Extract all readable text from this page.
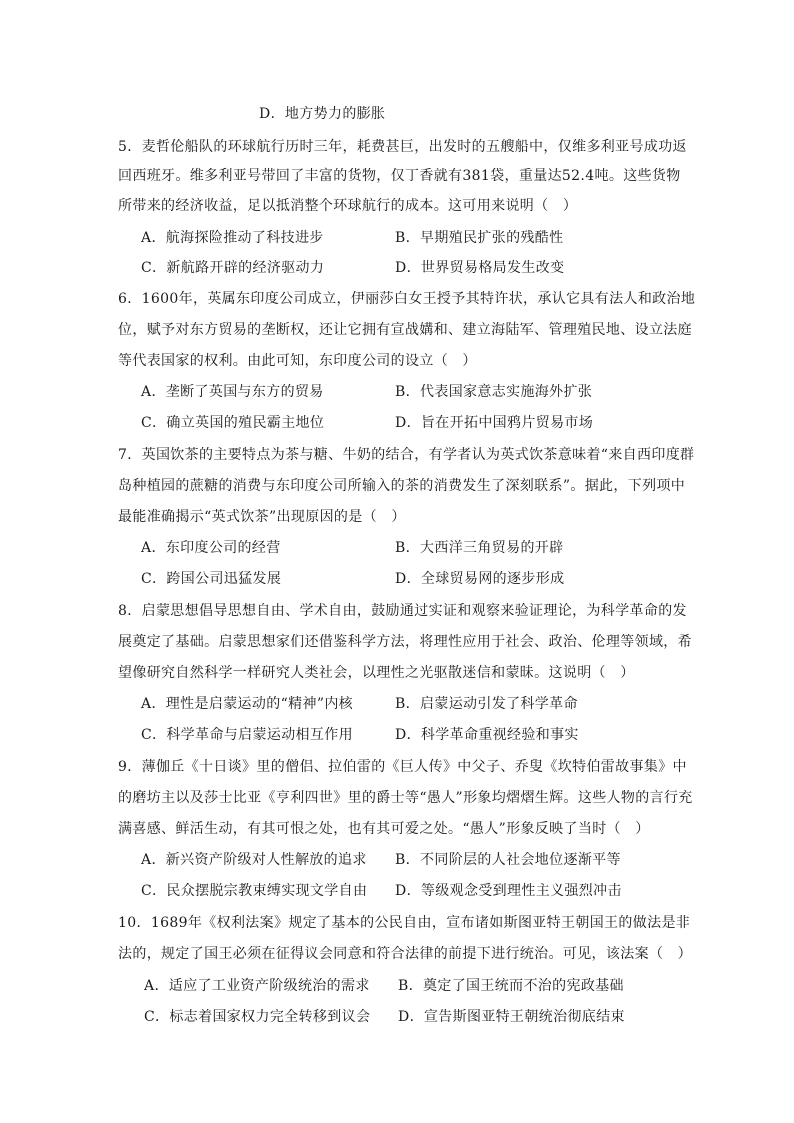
D．地方势力的膨胀
5．麦哲伦船队的环球航行历时三年，耗费甚巨，出发时的五艘船中，仅维多利亚号成功返
回西班牙。维多利亚号带回了丰富的货物，仅丁香就有381袋，重量达52.4吨。这些货物
所带来的经济收益，足以抵消整个环球航行的成本。这可用来说明（　）
A．航海探险推动了科技进步	B．早期殖民扩张的残酷性
C．新航路开辟的经济驱动力	D．世界贸易格局发生改变
6．1600年，英属东印度公司成立，伊丽莎白女王授予其特许状，承认它具有法人和政治地
位，赋予对东方贸易的垄断权，还让它拥有宣战媾和、建立海陆军、管理殖民地、设立法庭
等代表国家的权利。由此可知，东印度公司的设立（　）
A．垄断了英国与东方的贸易	B．代表国家意志实施海外扩张
C．确立英国的殖民霸主地位	D．旨在开拓中国鸦片贸易市场
7．英国饮茶的主要特点为茶与糖、牛奶的结合，有学者认为英式饮茶意味着“来自西印度群
岛种植园的蔗糖的消费与东印度公司所输入的茶的消费发生了深刻联系”。据此，下列项中
最能准确揭示“英式饮茶”出现原因的是（　）
A．东印度公司的经营	B．大西洋三角贸易的开辟
C．跨国公司迅猛发展	D．全球贸易网的逐步形成
8．启蒙思想倡导思想自由、学术自由，鼓励通过实证和观察来验证理论，为科学革命的发
展奠定了基础。启蒙思想家们还借鉴科学方法，将理性应用于社会、政治、伦理等领域，希
望像研究自然科学一样研究人类社会，以理性之光驱散迷信和蒙昧。这说明（　）
A．理性是启蒙运动的“精神”内核	B．启蒙运动引发了科学革命
C．科学革命与启蒙运动相互作用	D．科学革命重视经验和事实
9．薄伽丘《十日谈》里的僧侣、拉伯雷的《巨人传》中父子、乔叟《坎特伯雷故事集》中
的磨坊主以及莎士比亚《亨利四世》里的爵士等“愚人”形象均熠熠生辉。这些人物的言行充
满喜感、鲜活生动，有其可恨之处，也有其可爱之处。“愚人”形象反映了当时（　）
A．新兴资产阶级对人性解放的追求 B．不同阶层的人社会地位逐渐平等
C．民众摆脱宗教束缚实现文学自由 D．等级观念受到理性主义强烈冲击
10．1689年《权利法案》规定了基本的公民自由，宣布诸如斯图亚特王朝国王的做法是非
法的，规定了国王必须在征得议会同意和符合法律的前提下进行统治。可见，该法案（　）
A．适应了工业资产阶级统治的需求 B．奠定了国王统而不治的宪政基础
C．标志着国家权力完全转移到议会 D．宣告斯图亚特王朝统治彻底结束
